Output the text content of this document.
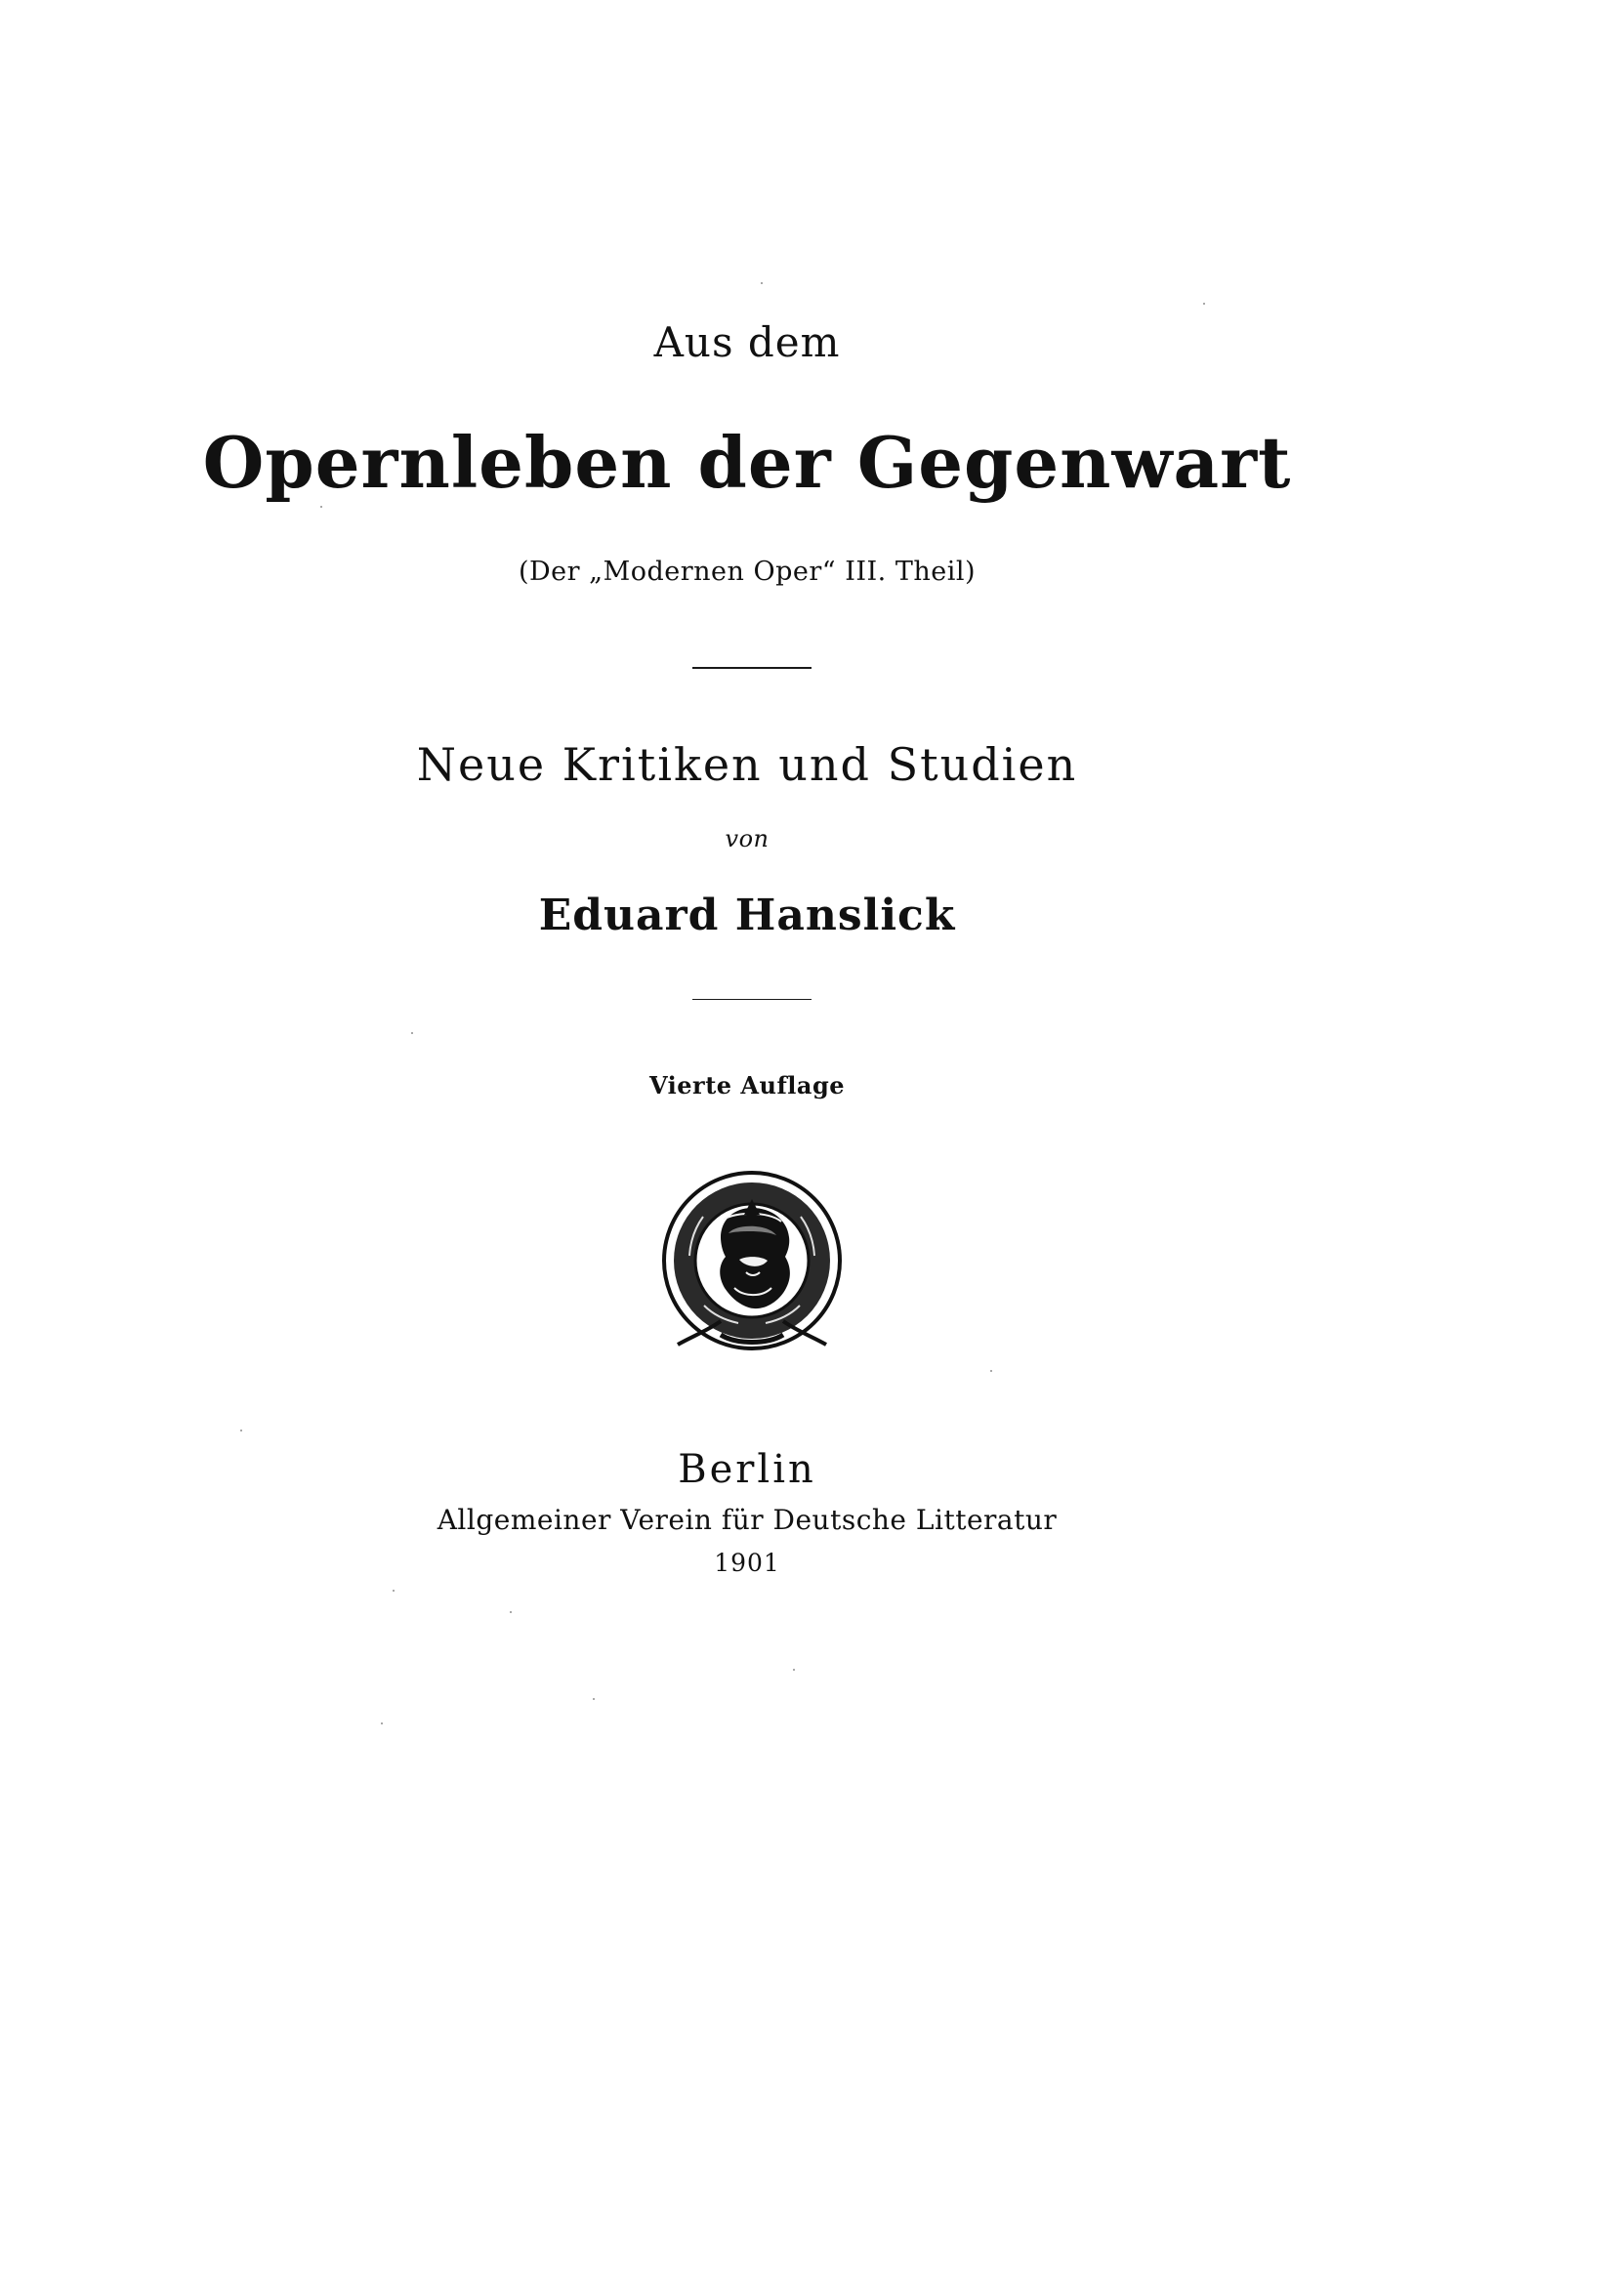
Aus dem
Opernleben der Gegenwart
(Der „Modernen Oper“ III. Theil)
Neue Kritiken und Studien
von
Eduard Hanslick
Vierte Auflage
Berlin
Allgemeiner Verein für Deutsche Litteratur
1901
